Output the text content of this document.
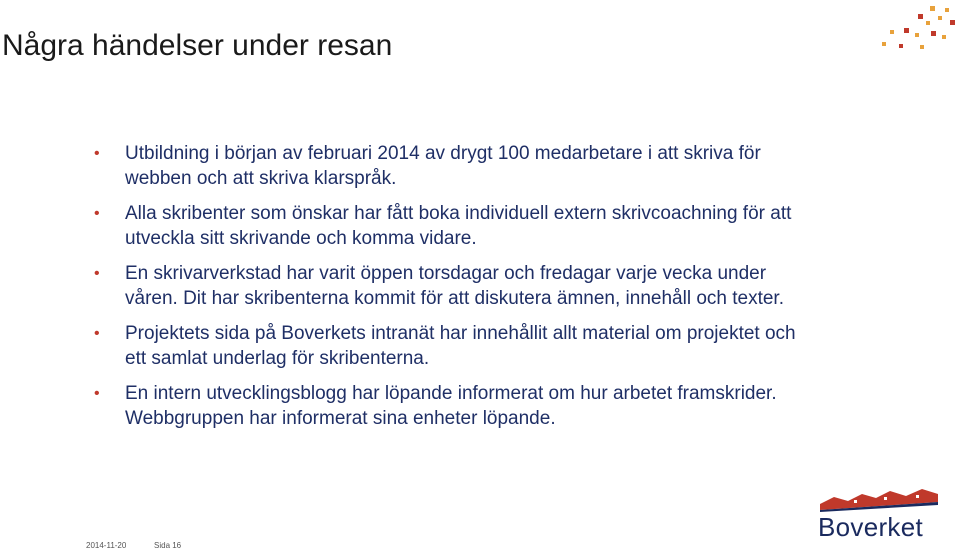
Några händelser under resan
• Utbildning i början av februari 2014 av drygt 100 medarbetare i att skriva för webben och att skriva klarspråk.
• Alla skribenter som önskar har fått boka individuell extern skrivcoachning för att utveckla sitt skrivande och komma vidare.
• En skrivarverkstad har varit öppen torsdagar och fredagar varje vecka under våren. Dit har skribenterna kommit för att diskutera ämnen, innehåll och texter.
• Projektets sida på Boverkets intranät har innehållit allt material om projektet och ett samlat underlag för skribenterna.
• En intern utvecklingsblogg har löpande informerat om hur arbetet framskrider. Webbgruppen har informerat sina enheter löpande.
2014-11-20	Sida 16
Boverket
